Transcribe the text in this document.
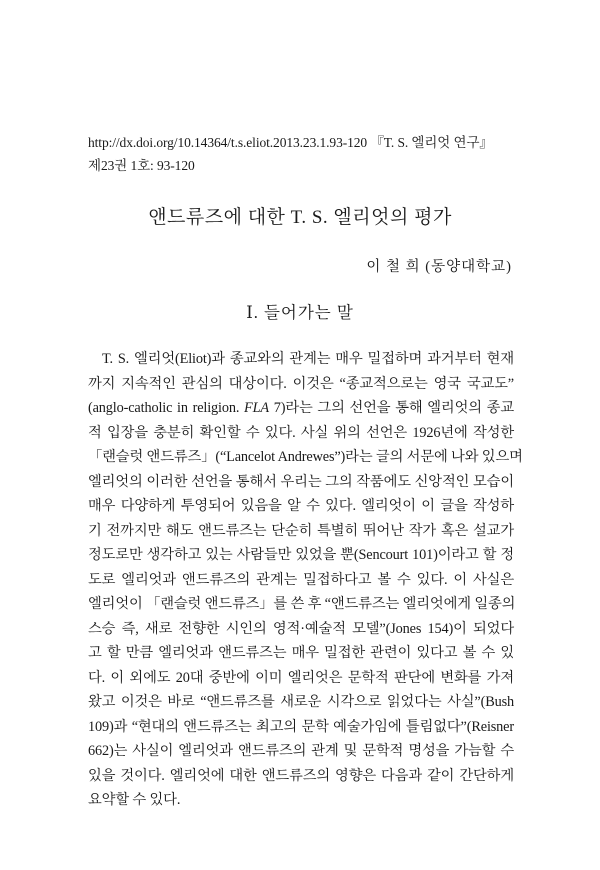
http://dx.doi.org/10.14364/t.s.eliot.2013.23.1.93-120 『T. S. 엘리엇 연구』
제23권 1호: 93-120
앤드류즈에 대한 T. S. 엘리엇의 평가
이 철 희 (동양대학교)
Ⅰ. 들어가는 말
T. S. 엘리엇(Eliot)과 종교와의 관계는 매우 밀접하며 과거부터 현재
까지 지속적인 관심의 대상이다. 이것은 “종교적으로는 영국 국교도”
(anglo-catholic in religion. FLA 7)라는 그의 선언을 통해 엘리엇의 종교
적 입장을 충분히 확인할 수 있다. 사실 위의 선언은 1926년에 작성한
「랜슬럿 앤드류즈」(“Lancelot Andrewes”)라는 글의 서문에 나와 있으며
엘리엇의 이러한 선언을 통해서 우리는 그의 작품에도 신앙적인 모습이
매우 다양하게 투영되어 있음을 알 수 있다. 엘리엇이 이 글을 작성하
기 전까지만 해도 앤드류즈는 단순히 특별히 뛰어난 작가 혹은 설교가
정도로만 생각하고 있는 사람들만 있었을 뿐(Sencourt 101)이라고 할 정
도로 엘리엇과 앤드류즈의 관계는 밀접하다고 볼 수 있다. 이 사실은
엘리엇이 「랜슬럿 앤드류즈」를 쓴 후 “앤드류즈는 엘리엇에게 일종의
스승 즉, 새로 전향한 시인의 영적·예술적 모델”(Jones 154)이 되었다
고 할 만큼 엘리엇과 앤드류즈는 매우 밀접한 관련이 있다고 볼 수 있
다. 이 외에도 20대 중반에 이미 엘리엇은 문학적 판단에 변화를 가져
왔고 이것은 바로 “앤드류즈를 새로운 시각으로 읽었다는 사실”(Bush
109)과 “현대의 앤드류즈는 최고의 문학 예술가임에 틀림없다”(Reisner
662)는 사실이 엘리엇과 앤드류즈의 관계 및 문학적 명성을 가늠할 수
있을 것이다. 엘리엇에 대한 앤드류즈의 영향은 다음과 같이 간단하게
요약할 수 있다.
